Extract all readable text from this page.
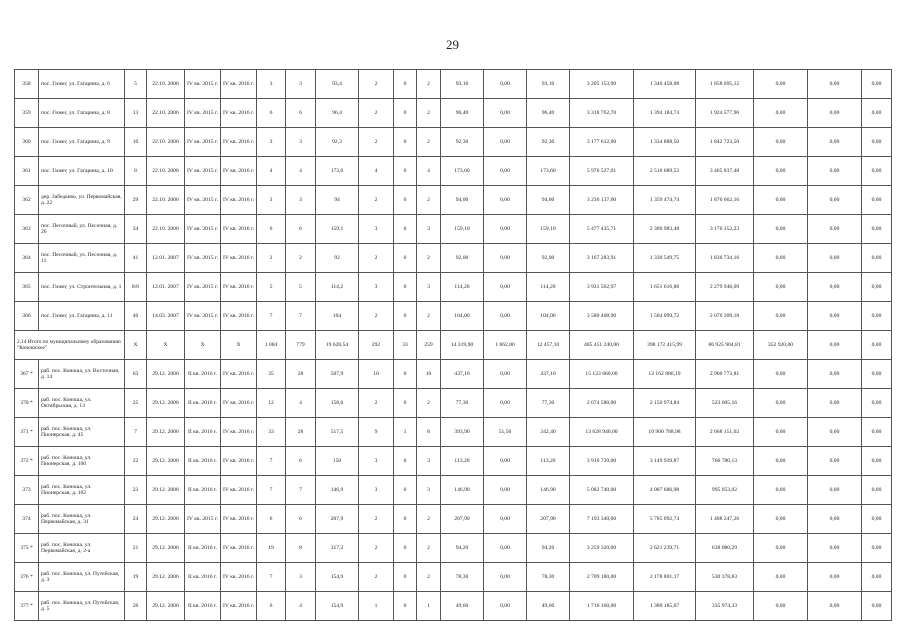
29
358	пос. Гижег, ул. Гагарина, д. 6	5	22.10. 2006	IV кв. 2015 г.	IV кв. 2016 г.	3	3	93,4	2	0	2	93,10	0,00	93,10	3 205 153,90	1 346 458,08	1 858 695,12	0,00	0,00	0,00
359	пос. Гижег, ул. Гагарина, д. 8	13	22.10. 2006	IV кв. 2015 г.	IV кв. 2016 г.	6	6	96,4	2	0	2	96,40	0,00	96,40	3 318 762,70	1 394 184,74	1 924 577,96	0,00	0,00	0,00
360	пос. Гижег, ул. Гагарина, д. 9	10	22.10. 2006	IV кв. 2015 г.	IV кв. 2016 г.	3	3	92,3	2	0	2	92,30	0,00	92,30	3 177 612,00	1 334 888,50	1 842 723,50	0,00	0,00	0,00
361	пос. Гижег, ул. Гагарина, д. 10	8	22.10. 2006	IV кв. 2015 г.	IV кв. 2016 г.	4	4	173,6	4	0	4	173,60	0,00	173,60	5 976 527,01	2 510 689,53	3 465 837,48	0,00	0,00	0,00
362	дер. Забедьево, ул. Первомайская, д. 22	29	22.10. 2006	IV кв. 2015 г.	IV кв. 2016 г.	3	3	94	2	0	2	94,00	0,00	94,00	3 236 137,00	1 359 474,74	1 876 662,16	0,00	0,00	0,00
363	пос. Песочный, ул. Песочная, д. 26	34	22.10. 2006	IV кв. 2015 г.	IV кв. 2016 г.	6	6	159,1	3	0	3	159,10	0,00	159,10	5 477 435,71	2 300 983,48	3 176 352,23	0,00	0,00	0,00
364	пос. Песочный, ул. Песочная, д. 11	41	12.01. 2007	IV кв. 2015 г.	IV кв. 2016 г.	2	2	92	2	0	2	92,00	0,00	92,00	3 167 283,91	1 330 549,75	1 836 734,16	0,00	0,00	0,00
365	пос. Гижег, ул. Строительная, д. 1	8/6	12.01. 2007	IV кв. 2015 г.	IV кв. 2016 г.	5	5	114,2	3	0	3	114,20	0,00	114,20	3 931 562,97	1 651 616,88	2 279 946,09	0,00	0,00	0,00
366	пос. Гижег, ул. Гагарина, д. 11	40	14.03. 2007	IV кв. 2015 г.	IV кв. 2016 г.	7	7	104	2	0	2	104,00	0,00	104,00	3 580 408,90	1 504 099,72	2 076 309,18	0,00	0,00	0,00
2.14 Итого по муниципальному образованию "Коношское"		X	X	X	X	1 084	779	19 626,54	292	33	259	14 319,90	1 862,80	12 457,10	485 451 240,80	398 172 415,99	86 925 904,81	352 920,00	0,00	0,00
367 *	раб. пос. Коноша, ул. Восточная, д. 14	63	29.12. 2006	II кв. 2016 г.	IV кв. 2016 г.	35	28	507,9	10	0	10	437,10	0,00	437,10	15 123 660,00	12 162 886,19	2 960 773,81	0,00	0,00	0,00
370 *	раб. пос. Коноша, ул. Октябрьская, д. 13	25	29.12. 2006	II кв. 2016 г.	IV кв. 2016 г.	12	4	158,6	2	0	2	77,30	0,00	77,30	2 674 580,00	2 150 974,84	523 605,16	0,00	0,00	0,00
371 *	раб. пос. Коноша, ул. Пионерская, д. 45	7	29.12. 2006	II кв. 2016 г.	IV кв. 2016 г.	33	28	517,5	9	1	8	393,90	51,50	342,40	13 628 940,00	10 960 788,98	2 668 151,02	0,00	0,00	0,00
372 *	раб. пос. Коноша, ул. Пионерская, д. 100	22	29.12. 2006	II кв. 2016 г.	IV кв. 2016 г.	7	6	150	3	0	3	113,20	0,00	113,20	3 916 720,00	3 149 939,87	766 780,13	0,00	0,00	0,00
373	раб. пос. Коноша, ул. Пионерская, д. 102	23	29.12. 2006	II кв. 2016 г.	IV кв. 2016 г.	7	7	146,9	3	0	3	146,90	0,00	146,90	5 082 740,00	4 087 686,98	995 053,02	0,00	0,00	0,00
374	раб. пос. Коноша, ул. Первомайская, д. 31	24	29.12. 2006	IV кв. 2015 г.	IV кв. 2016 г.	6	6	207,9	2	0	2	207,90	0,00	207,90	7 193 340,00	5 785 092,74	1 408 247,26	0,00	0,00	0,00
375 *	раб. пос. Коноша, ул. Первомайская, д. 2-а	21	29.12. 2006	II кв. 2016 г.	IV кв. 2016 г.	19	8	317,2	2	0	2	94,20	0,00	94,20	3 259 320,00	2 621 239,71	638 080,29	0,00	0,00	0,00
376 *	раб. пос. Коноша, ул. Путейская, д. 3	19	29.12. 2006	II кв. 2016 г.	IV кв. 2016 г.	7	3	154,9	2	0	2	78,30	0,00	78,30	2 709 180,00	2 178 801,17	530 378,83	0,00	0,00	0,00
377 *	раб. пос. Коноша, ул. Путейская, д. 5	26	29.12. 2006	II кв. 2016 г.	IV кв. 2016 г.	6	4	154,9	1	0	1	49,60	0,00	49,60	1 716 160,00	1 380 185,67	335 974,33	0,00	0,00	0,00
